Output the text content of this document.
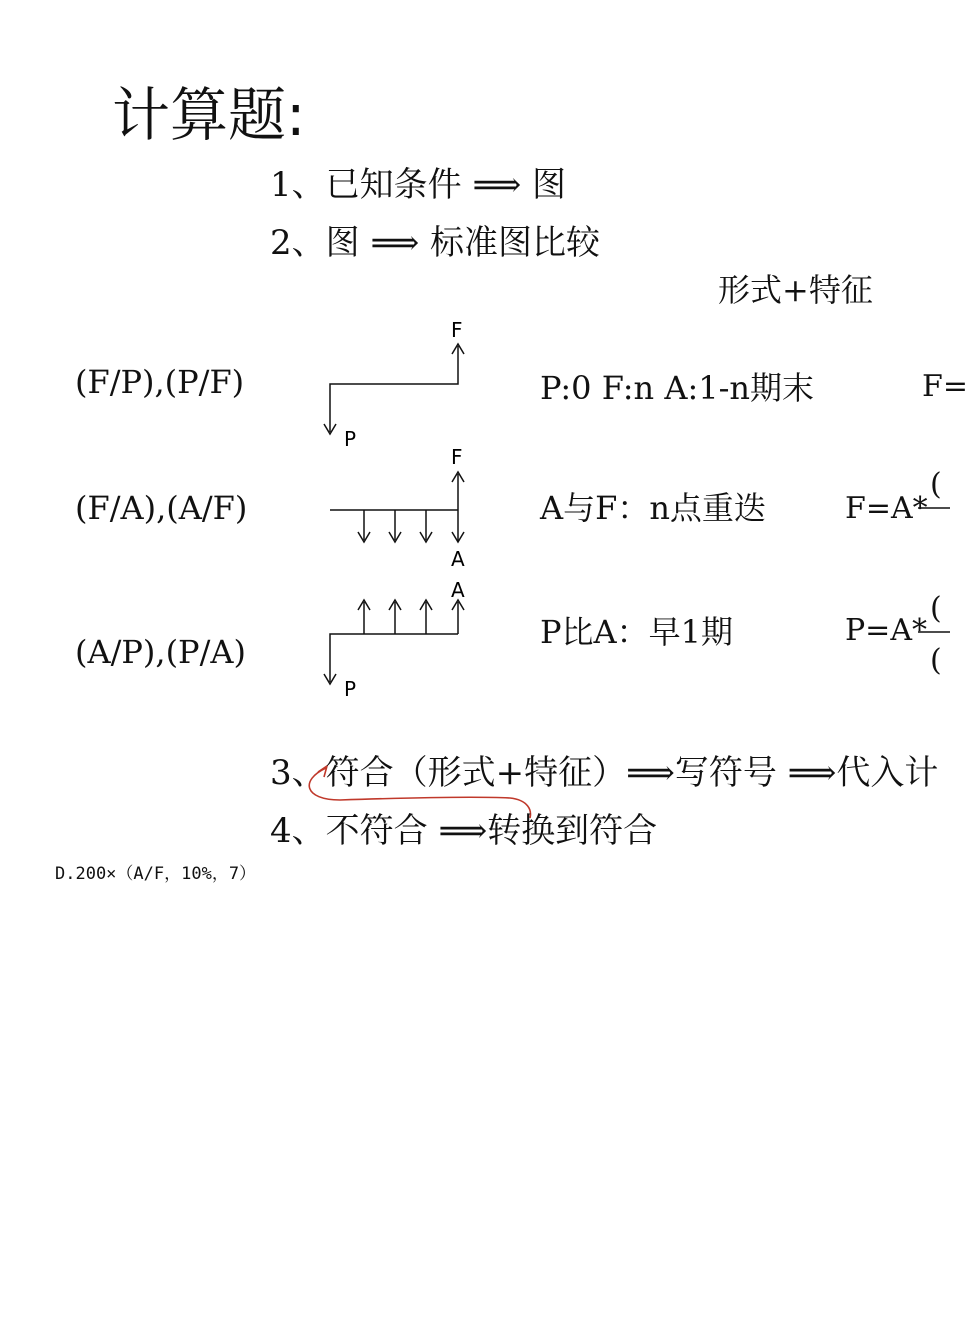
计算题:
1、已知条件 ⟹ 图
2、图 ⟹ 标准图比较
形式+特征
(F/P),(P/F)
(F/A),(A/F)
(A/P),(P/A)
P:0 F:n A:1-n期末
A与F：n点重迭
P比A：早1期
F=
F=A*
P=A*
(
(
(
F
P
F
A
A
P
3、符合（形式+特征）⟹写符号 ⟹代入计
4、不符合 ⟹转换到符合
D.200×（A/F，10%，7）
